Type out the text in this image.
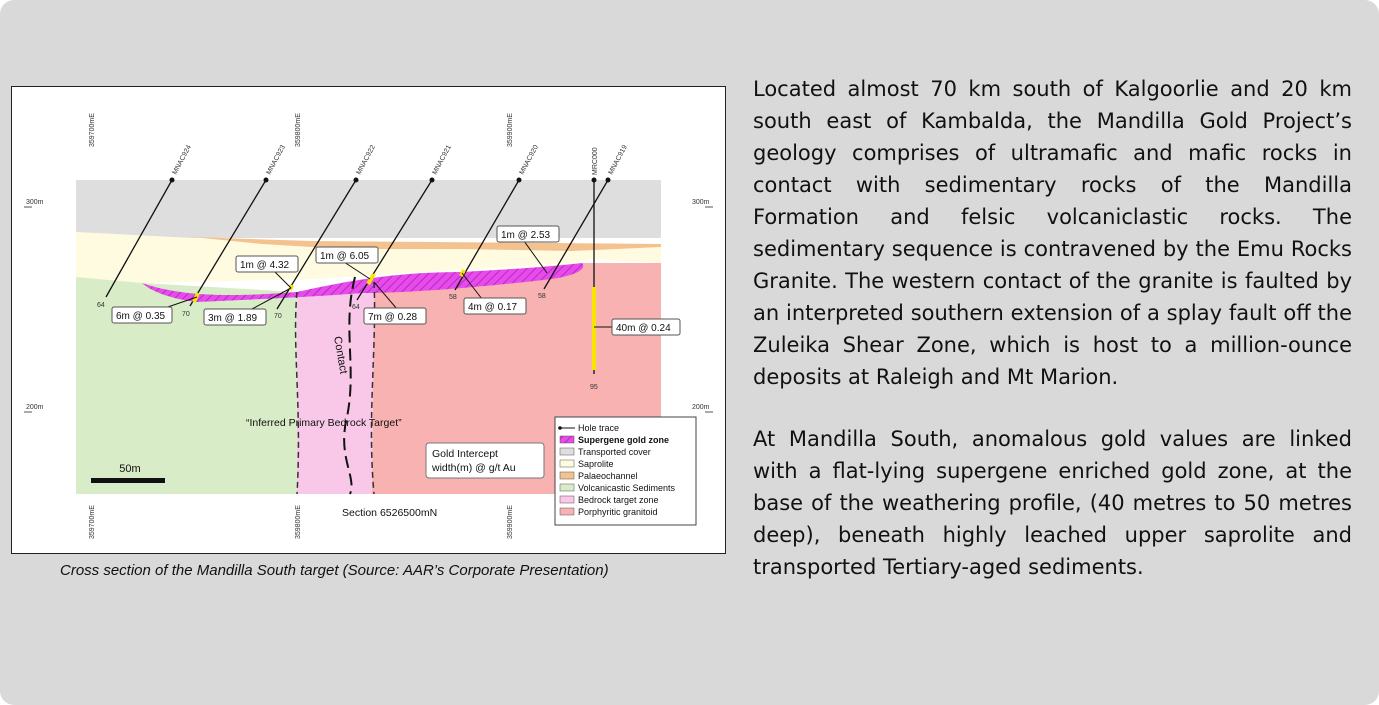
300m	300m
200m	200m
359700mE	359800mE	359900mE
359700mE	359800mE	359900mE
MNAC924	MNAC923	MNAC922	MNAC921	MNAC920	MRC000 MNAC919
64
70	70
64
58	58
95
6m @ 0.35	3m @ 1.89
1m @ 4.32
1m @ 6.05
7m @ 0.28
4m @ 0.17
1m @ 2.53
40m @ 0.24
Contact
“Inferred Primary Bedrock Target”
50m
Gold Intercept
width(m) @ g/t Au
Section 6526500mN
Hole trace
Supergene gold zone
Transported cover
Saprolite
Palaeochannel
Volcanicastic Sediments
Bedrock target zone
Porphyritic granitoid
Cross section of the Mandilla South target (Source: AAR’s Corporate Presentation)

Located almost 70 km south of Kalgoorlie and 20 km south east of Kambalda, the Mandilla Gold Project’s geology comprises of ultramafic and mafic rocks in contact with sedimentary rocks of the Mandilla Formation and felsic volcaniclastic rocks. The sedimentary sequence is contravened by the Emu Rocks Granite. The western contact of the granite is faulted by an interpreted southern extension of a splay fault off the Zuleika Shear Zone, which is host to a million-ounce deposits at Raleigh and Mt Marion.

At Mandilla South, anomalous gold values are linked with a flat-lying supergene enriched gold zone, at the base of the weathering profile, (40 metres to 50 metres deep), beneath highly leached upper saprolite and transported Tertiary-aged sediments.
